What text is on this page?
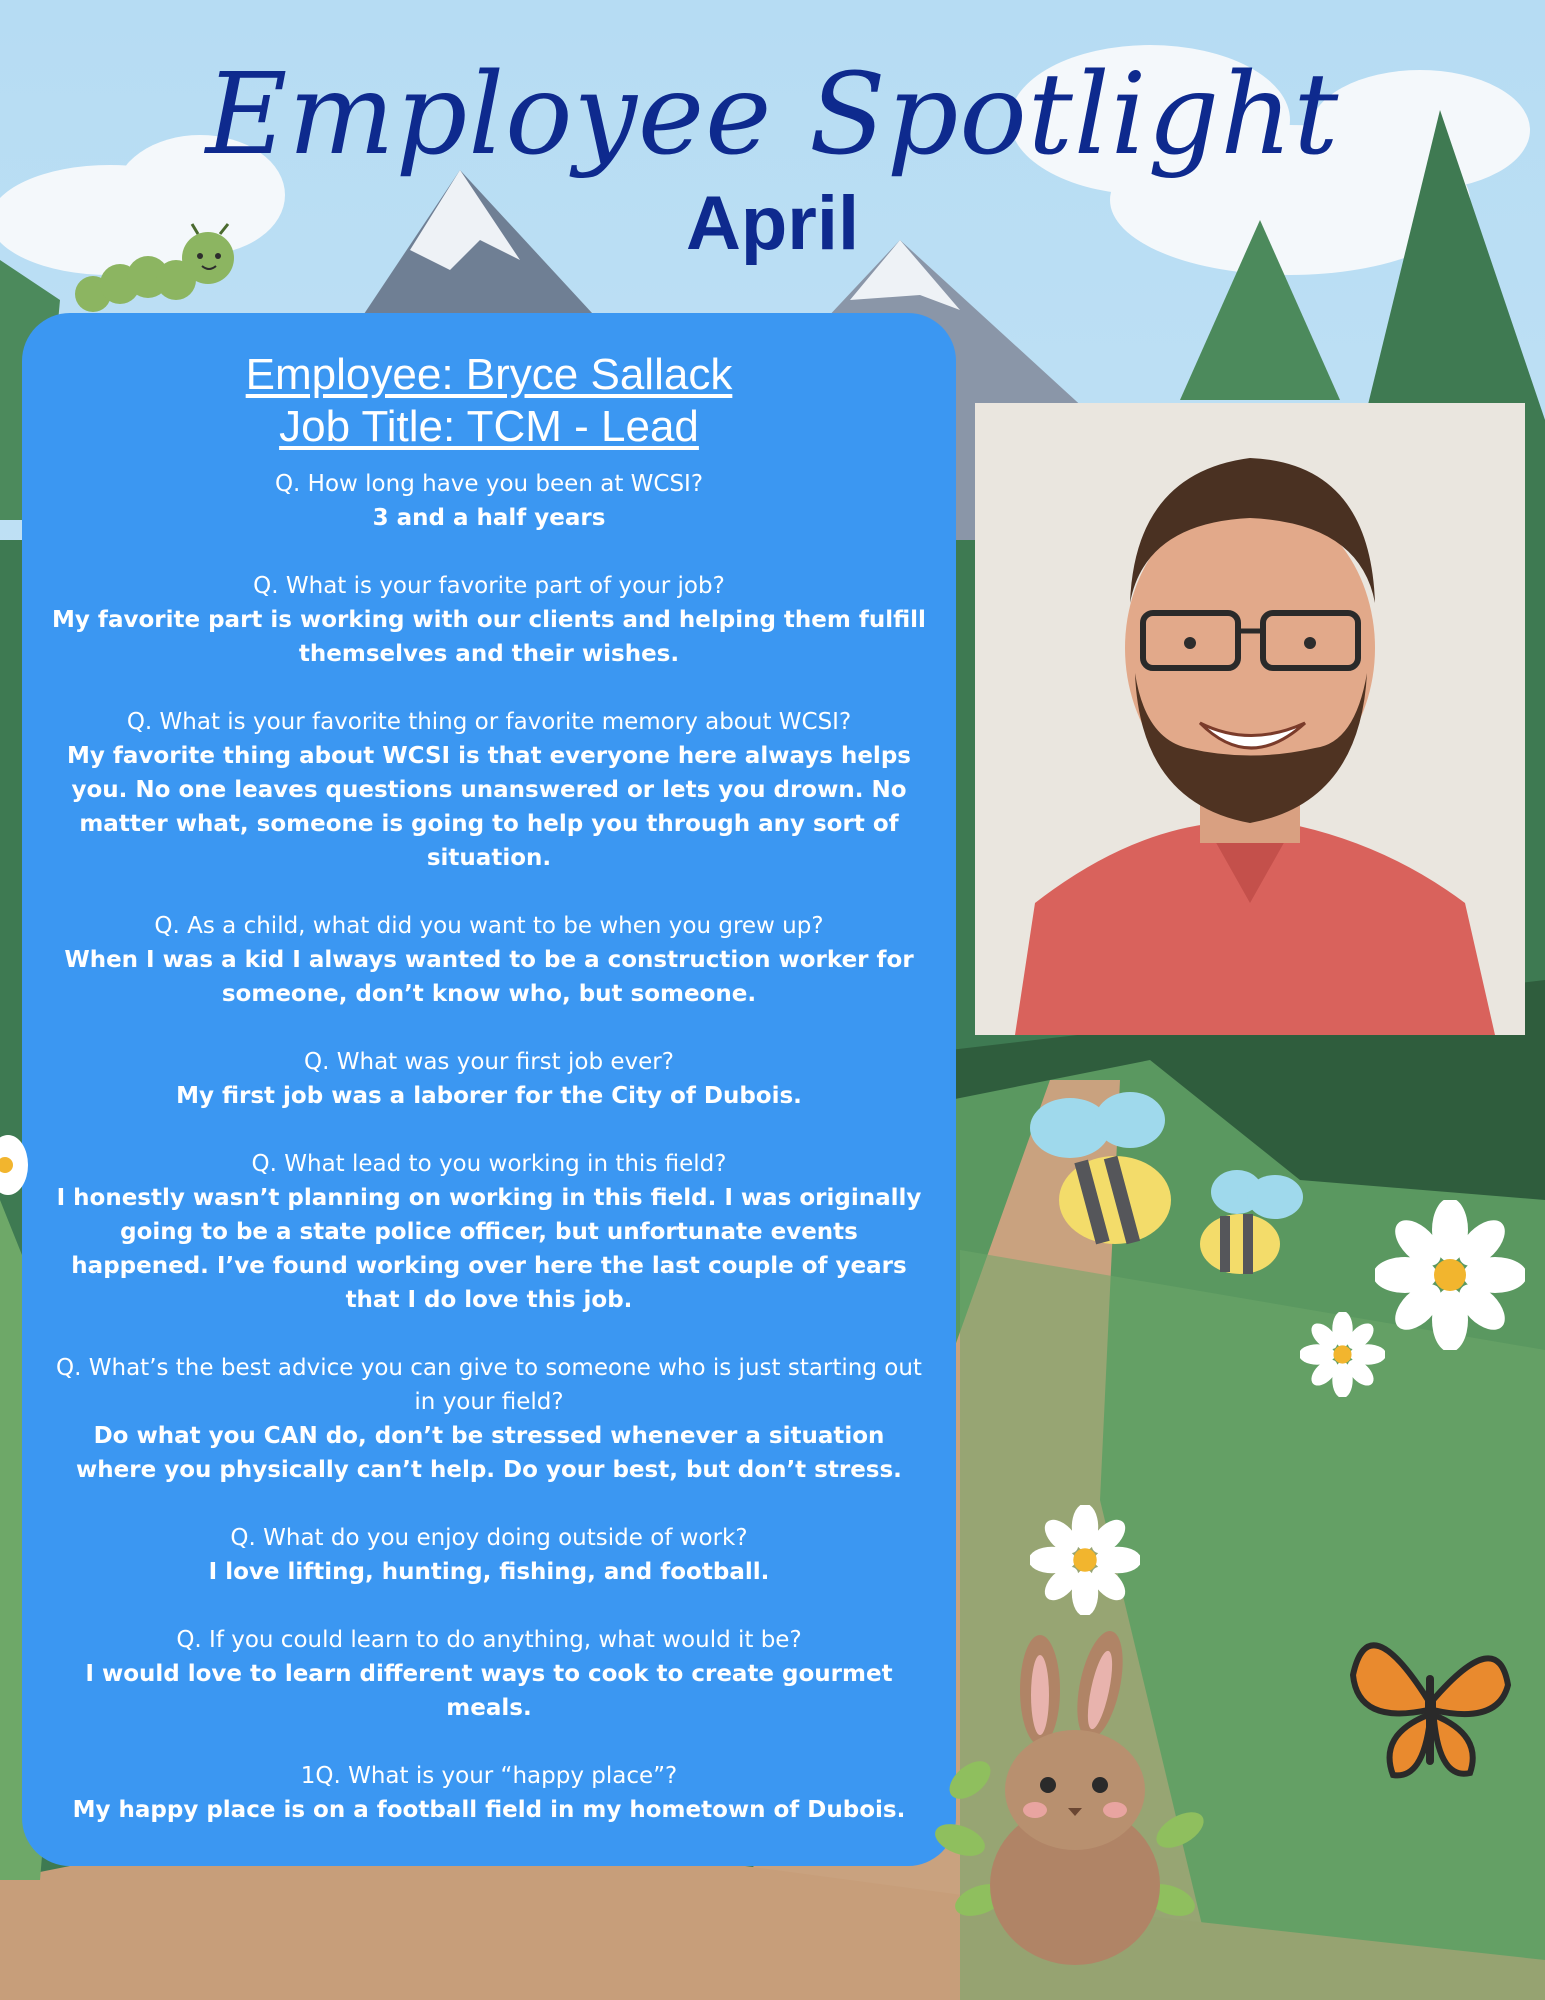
Employee Spotlight
April
Employee: Bryce Sallack
Job Title: TCM - Lead
Q. How long have you been at WCSI?
3 and a half years
Q. What is your favorite part of your job?
My favorite part is working with our clients and helping them fulfill themselves and their wishes.
Q. What is your favorite thing or favorite memory about WCSI?
My favorite thing about WCSI is that everyone here always helps you. No one leaves questions unanswered or lets you drown. No matter what, someone is going to help you through any sort of situation.
Q. As a child, what did you want to be when you grew up?
When I was a kid I always wanted to be a construction worker for someone, don’t know who, but someone.
Q. What was your first job ever?
My first job was a laborer for the City of Dubois.
Q. What lead to you working in this field?
I honestly wasn’t planning on working in this field. I was originally going to be a state police officer, but unfortunate events happened. I’ve found working over here the last couple of years that I do love this job.
Q. What’s the best advice you can give to someone who is just starting out in your field?
Do what you CAN do, don’t be stressed whenever a situation where you physically can’t help. Do your best, but don’t stress.
Q. What do you enjoy doing outside of work?
I love lifting, hunting, fishing, and football.
Q. If you could learn to do anything, what would it be?
I would love to learn different ways to cook to create gourmet meals.
1Q. What is your “happy place”?
My happy place is on a football field in my hometown of Dubois.
